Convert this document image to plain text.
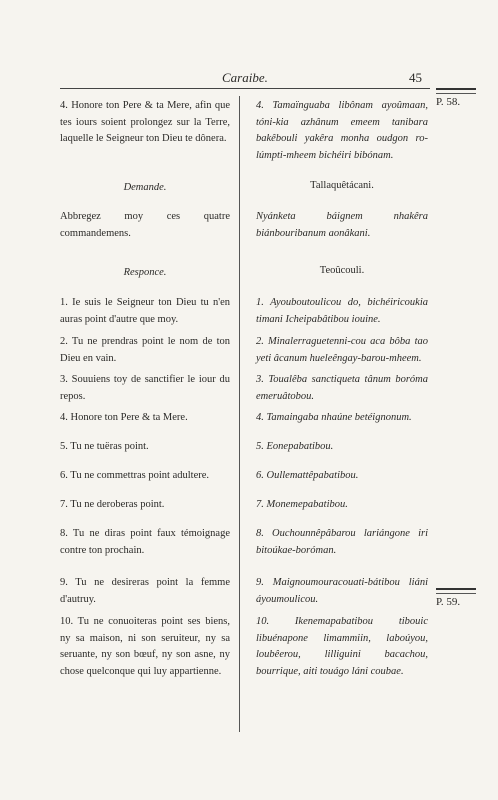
Caraibe.	45
4. Honore ton Pere & ta Mere, afin que tes iours soient prolongez sur la Terre, laquelle le Seigneur ton Dieu te dônera.
Demande.
Abbregez moy ces quatre commandemens.
Responce.
1. Ie suis le Seigneur ton Dieu tu n'en auras point d'autre que moy.
2. Tu ne prendras point le nom de ton Dieu en vain.
3. Souuiens toy de sanctifier le iour du repos.
4. Honore ton Pere & ta Mere.
5. Tu ne tuëras point.
6. Tu ne commettras point adultere.
7. Tu ne deroberas point.
8. Tu ne diras point faux témoignage contre ton prochain.
9. Tu ne desireras point la femme d'autruy.
10. Tu ne conuoiteras point ses biens, ny sa maison, ni son seruiteur, ny sa seruante, ny son bœuf, ny son asne, ny chose quelconque qui luy appartienne.
4. Tamaïnguaba libônam ayoûmaan, tóni-kia azhânum emeem tanibara bakêbouli yakêra monha oudgon ro-lúmpti-mheem bichéiri bibónam.
Tallaquêtácani.
Nyánketa báignem nhakêra biánbouribanum aonâkani.
Teoûcouli.
1. Ayouboutoulicou do, bichéiricoukia timani Icheipabâtibou iouine.
2. Minalerraguetenni-cou aca bôba tao yeti âcanum hueleêngay-barou-mheem.
3. Toualêba sanctiqueta tânum boróma emeruâtobou.
4. Tamaingaba nhaúne betéignonum.
5. Eonepabatibou.
6. Oullemattêpabatibou.
7. Monemepabatibou.
8. Ouchounnêpâbarou lariángone iri bitoúkae-boróman.
9. Maignoumouracouati-bátibou liáni áyoumoulicou.
10. Ikenemapabatibou tibouic libuénapone limammiin, laboúyou, loubêerou, lilliguini bacachou, bourrique, aiti touágo láni coubae.
P. 58.
P. 59.
